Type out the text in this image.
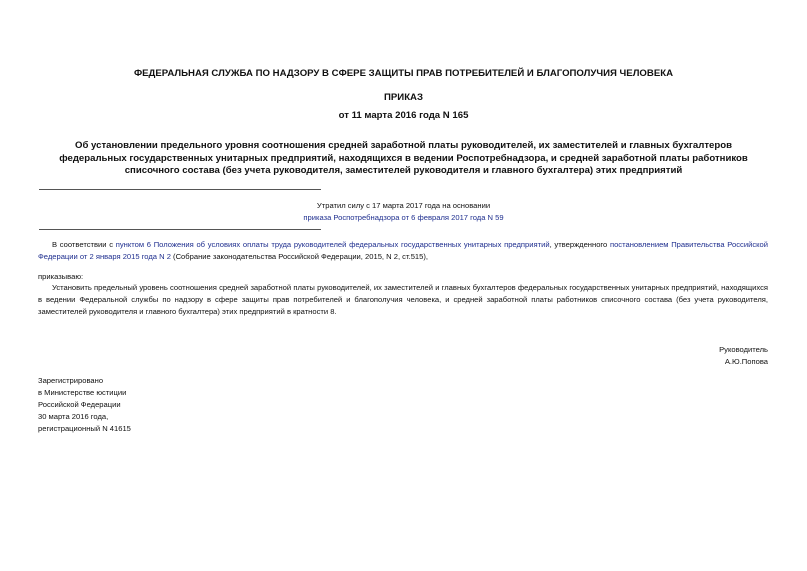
ФЕДЕРАЛЬНАЯ СЛУЖБА ПО НАДЗОРУ В СФЕРЕ ЗАЩИТЫ ПРАВ ПОТРЕБИТЕЛЕЙ И БЛАГОПОЛУЧИЯ ЧЕЛОВЕКА
ПРИКАЗ
от 11 марта 2016 года N 165
Об установлении предельного уровня соотношения средней заработной платы руководителей, их заместителей и главных бухгалтеров федеральных государственных унитарных предприятий, находящихся в ведении Роспотребнадзора, и средней заработной платы работников списочного состава (без учета руководителя, заместителей руководителя и главного бухгалтера) этих предприятий
Утратил силу с 17 марта 2017 года на основании
приказа Роспотребнадзора от 6 февраля 2017 года N 59
В соответствии с пунктом 6 Положения об условиях оплаты труда руководителей федеральных государственных унитарных предприятий, утвержденного постановлением Правительства Российской Федерации от 2 января 2015 года N 2 (Собрание законодательства Российской Федерации, 2015, N 2, ст.515),
приказываю:
Установить предельный уровень соотношения средней заработной платы руководителей, их заместителей и главных бухгалтеров федеральных государственных унитарных предприятий, находящихся в ведении Федеральной службы по надзору в сфере защиты прав потребителей и благополучия человека, и средней заработной платы работников списочного состава (без учета руководителя, заместителей руководителя и главного бухгалтера) этих предприятий в кратности 8.
Руководитель
А.Ю.Попова
Зарегистрировано
в Министерстве юстиции
Российской Федерации
30 марта 2016 года,
регистрационный N 41615
